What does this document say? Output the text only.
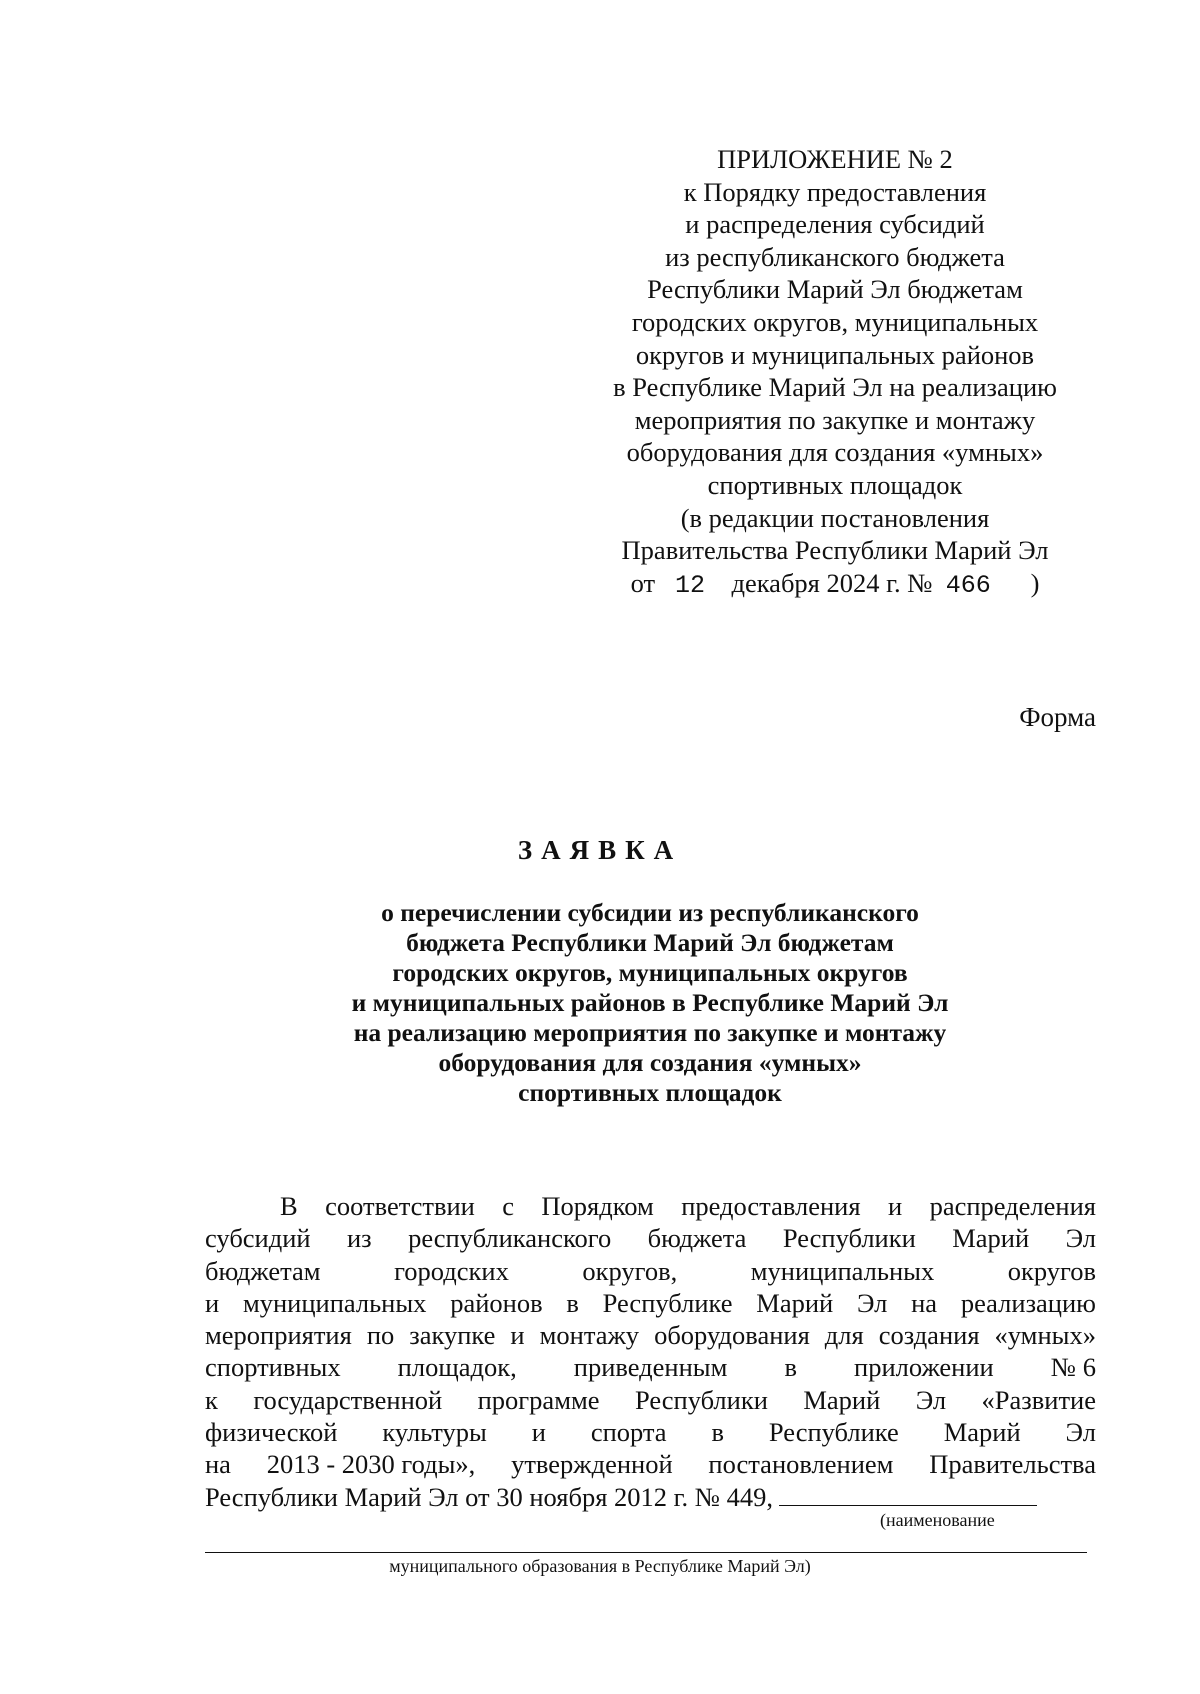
ПРИЛОЖЕНИЕ № 2
к Порядку предоставления
и распределения субсидий
из республиканского бюджета
Республики Марий Эл бюджетам
городских округов, муниципальных
округов и муниципальных районов
в Республике Марий Эл на реализацию
мероприятия по закупке и монтажу
оборудования для создания «умных»
спортивных площадок
(в редакции постановления
Правительства Республики Марий Эл
от 12 декабря 2024 г. № 466 )
Форма
ЗАЯВКА
о перечислении субсидии из республиканского
бюджета Республики Марий Эл бюджетам
городских округов, муниципальных округов
и муниципальных районов в Республике Марий Эл
на реализацию мероприятия по закупке и монтажу
оборудования для создания «умных»
спортивных площадок
В соответствии с Порядком предоставления и распределения
субсидий из республиканского бюджета Республики Марий Эл
бюджетам	городских	округов,	муниципальных	округов
и муниципальных районов в Республике Марий Эл на реализацию
мероприятия по закупке и монтажу оборудования для создания «умных»
спортивных площадок, приведенным в приложении № 6
к государственной программе Республики Марий Эл «Развитие
физической культуры и спорта в Республике Марий Эл
на 2013 - 2030 годы», утвержденной постановлением Правительства
Республики Марий Эл от 30 ноября 2012 г. № 449,
(наименование
муниципального образования в Республике Марий Эл)
